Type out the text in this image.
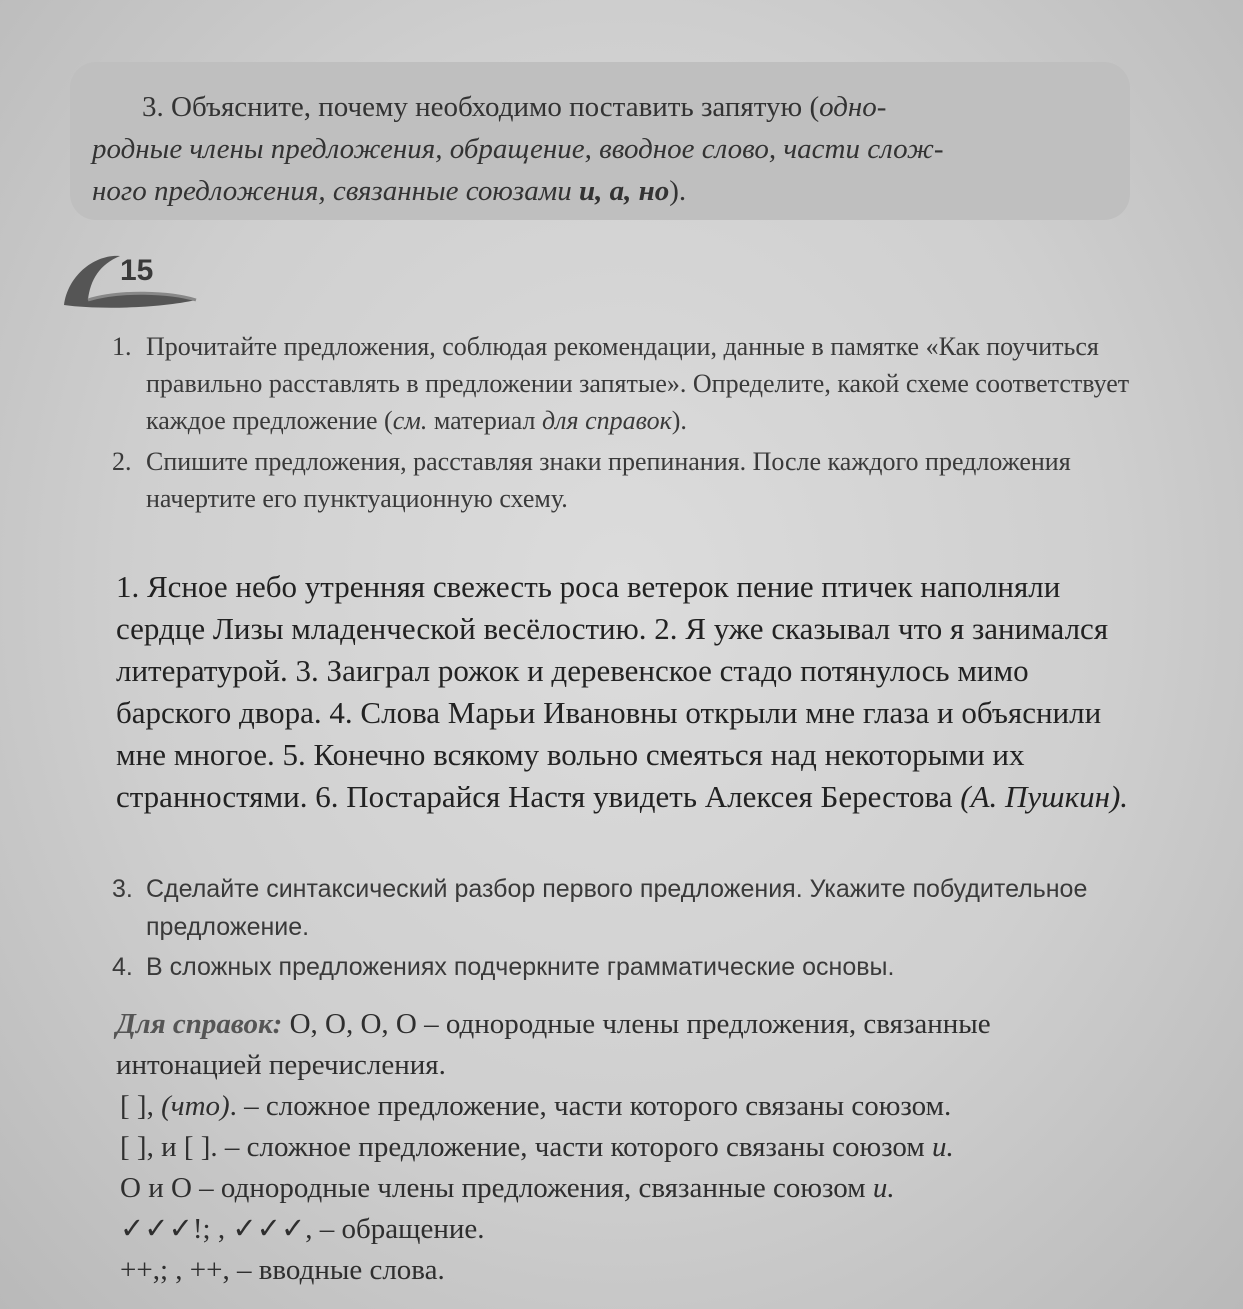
3. Объясните, почему необходимо поставить запятую (одно-
родные члены предложения, обращение, вводное слово, части слож-
ного предложения, связанные союзами и, а, но).
15
1. Прочитайте предложения, соблюдая рекомендации, данные в памятке «Как поучиться правильно расставлять в предложении запятые». Определите, какой схеме соответствует каждое предложение (см. материал для справок).
2. Спишите предложения, расставляя знаки препинания. После каждого предложения начертите его пунктуационную схему.
1. Ясное небо утренняя свежесть роса ветерок пение птичек наполняли сердце Лизы младенческой весёлостию. 2. Я уже сказывал что я занимался литературой. 3. Заиграл рожок и деревенское стадо потянулось мимо барского двора. 4. Слова Марьи Ивановны открыли мне глаза и объяснили мне многое. 5. Конечно всякому вольно смеяться над некоторыми их странностями. 6. Постарайся Настя увидеть Алексея Берестова (А. Пушкин).
3. Сделайте синтаксический разбор первого предложения. Укажите побудительное предложение.
4. В сложных предложениях подчеркните грамматические основы.
Для справок: О, О, О, О – однородные члены предложения, связанные интонацией перечисления.
[ ], (что). – сложное предложение, части которого связаны союзом.
[ ], и [ ]. – сложное предложение, части которого связаны союзом и.
О и О – однородные члены предложения, связанные союзом и.
✓✓✓!; , ✓✓✓, – обращение.
++,; , ++, – вводные слова.
